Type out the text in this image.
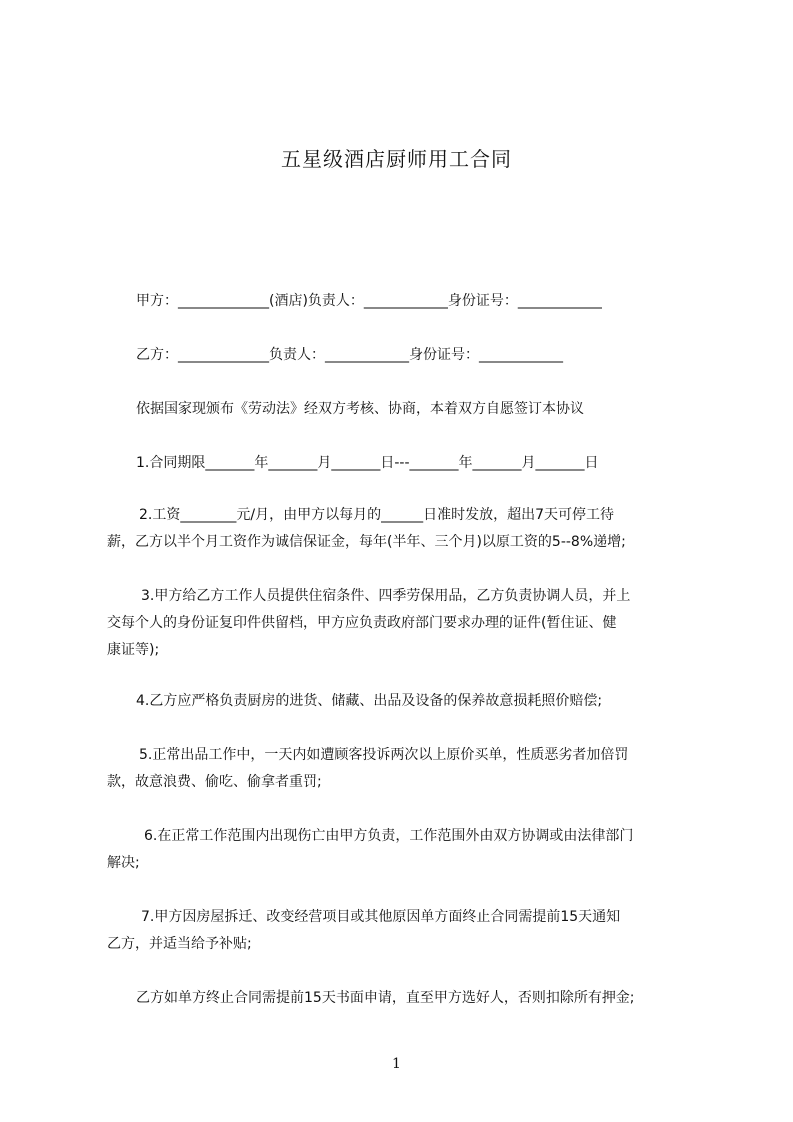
五星级酒店厨师用工合同
甲方：_____________(酒店)负责人：____________身份证号：____________
乙方：_____________负责人：____________身份证号：____________
依据国家现颁布《劳动法》经双方考核、协商，本着双方自愿签订本协议
1.合同期限_______年_______月_______日---_______年_______月_______日
2.工资________元/月，由甲方以每月的______日准时发放，超出7天可停工待
薪，乙方以半个月工资作为诚信保证金，每年(半年、三个月)以原工资的5--8%递增;
3.甲方给乙方工作人员提供住宿条件、四季劳保用品，乙方负责协调人员，并上
交每个人的身份证复印件供留档，甲方应负责政府部门要求办理的证件(暂住证、健
康证等);
4.乙方应严格负责厨房的进货、储藏、出品及设备的保养故意损耗照价赔偿;
5.正常出品工作中，一天内如遭顾客投诉两次以上原价买单，性质恶劣者加倍罚
款，故意浪费、偷吃、偷拿者重罚;
6.在正常工作范围内出现伤亡由甲方负责，工作范围外由双方协调或由法律部门
解决;
7.甲方因房屋拆迁、改变经营项目或其他原因单方面终止合同需提前15天通知
乙方，并适当给予补贴;
乙方如单方终止合同需提前15天书面申请，直至甲方选好人，否则扣除所有押金;
1
